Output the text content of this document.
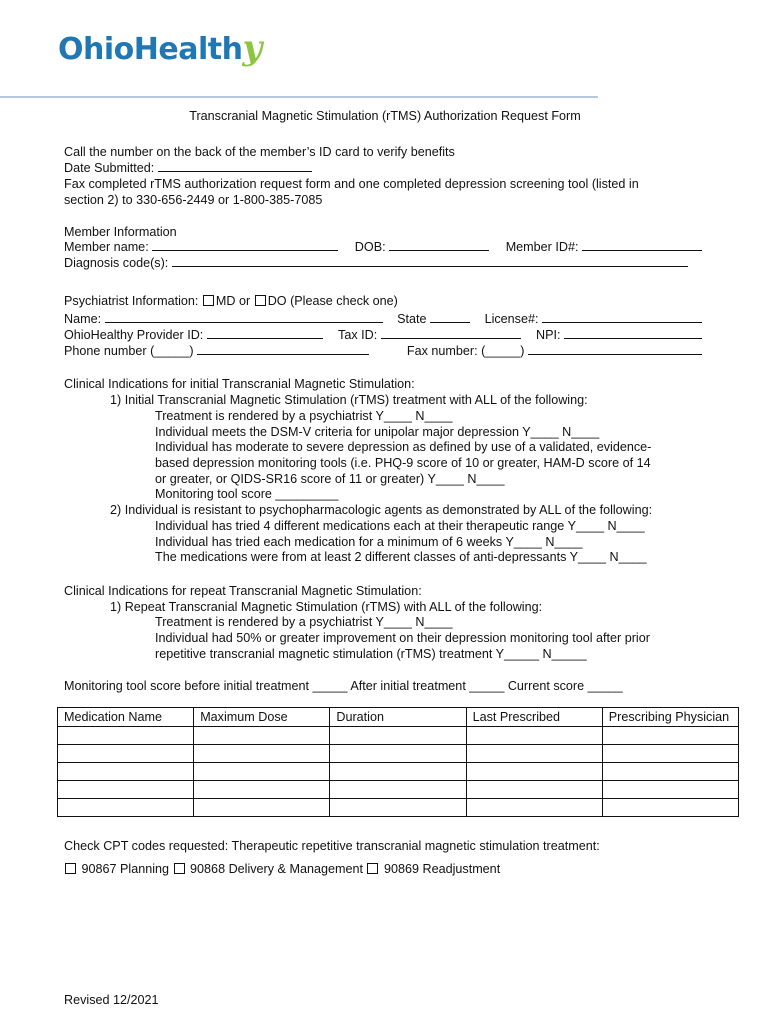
OhioHealthy
Transcranial Magnetic Stimulation (rTMS) Authorization Request Form
Call the number on the back of the member’s ID card to verify benefits
Date Submitted:
Fax completed rTMS authorization request form and one completed depression screening tool (listed in
section 2) to 330-656-2449 or 1-800-385-7085
Member Information
Member name:	DOB:	Member ID#:
Diagnosis code(s):
Psychiatrist Information: MD or DO (Please check one)
Name:	State	License#:
OhioHealthy Provider ID:	Tax ID:	NPI:
Phone number (_____)	Fax number: (_____)
Clinical Indications for initial Transcranial Magnetic Stimulation:
1) Initial Transcranial Magnetic Stimulation (rTMS) treatment with ALL of the following:
Treatment is rendered by a psychiatrist Y____ N____
Individual meets the DSM-V criteria for unipolar major depression Y____ N____
Individual has moderate to severe depression as defined by use of a validated, evidence-
based depression monitoring tools (i.e. PHQ-9 score of 10 or greater, HAM-D score of 14
or greater, or QIDS-SR16 score of 11 or greater) Y____ N____
Monitoring tool score _________
2) Individual is resistant to psychopharmacologic agents as demonstrated by ALL of the following:
Individual has tried 4 different medications each at their therapeutic range Y____ N____
Individual has tried each medication for a minimum of 6 weeks Y____ N____
The medications were from at least 2 different classes of anti-depressants Y____ N____
Clinical Indications for repeat Transcranial Magnetic Stimulation:
1) Repeat Transcranial Magnetic Stimulation (rTMS) with ALL of the following:
Treatment is rendered by a psychiatrist Y____ N____
Individual had 50% or greater improvement on their depression monitoring tool after prior
repetitive transcranial magnetic stimulation (rTMS) treatment Y_____ N_____
Monitoring tool score before initial treatment _____ After initial treatment _____ Current score _____
Medication Name	Maximum Dose	Duration	Last Prescribed	Prescribing Physician

Check CPT codes requested: Therapeutic repetitive transcranial magnetic stimulation treatment:
90867 Planning 90868 Delivery & Management 90869 Readjustment
Revised 12/2021
